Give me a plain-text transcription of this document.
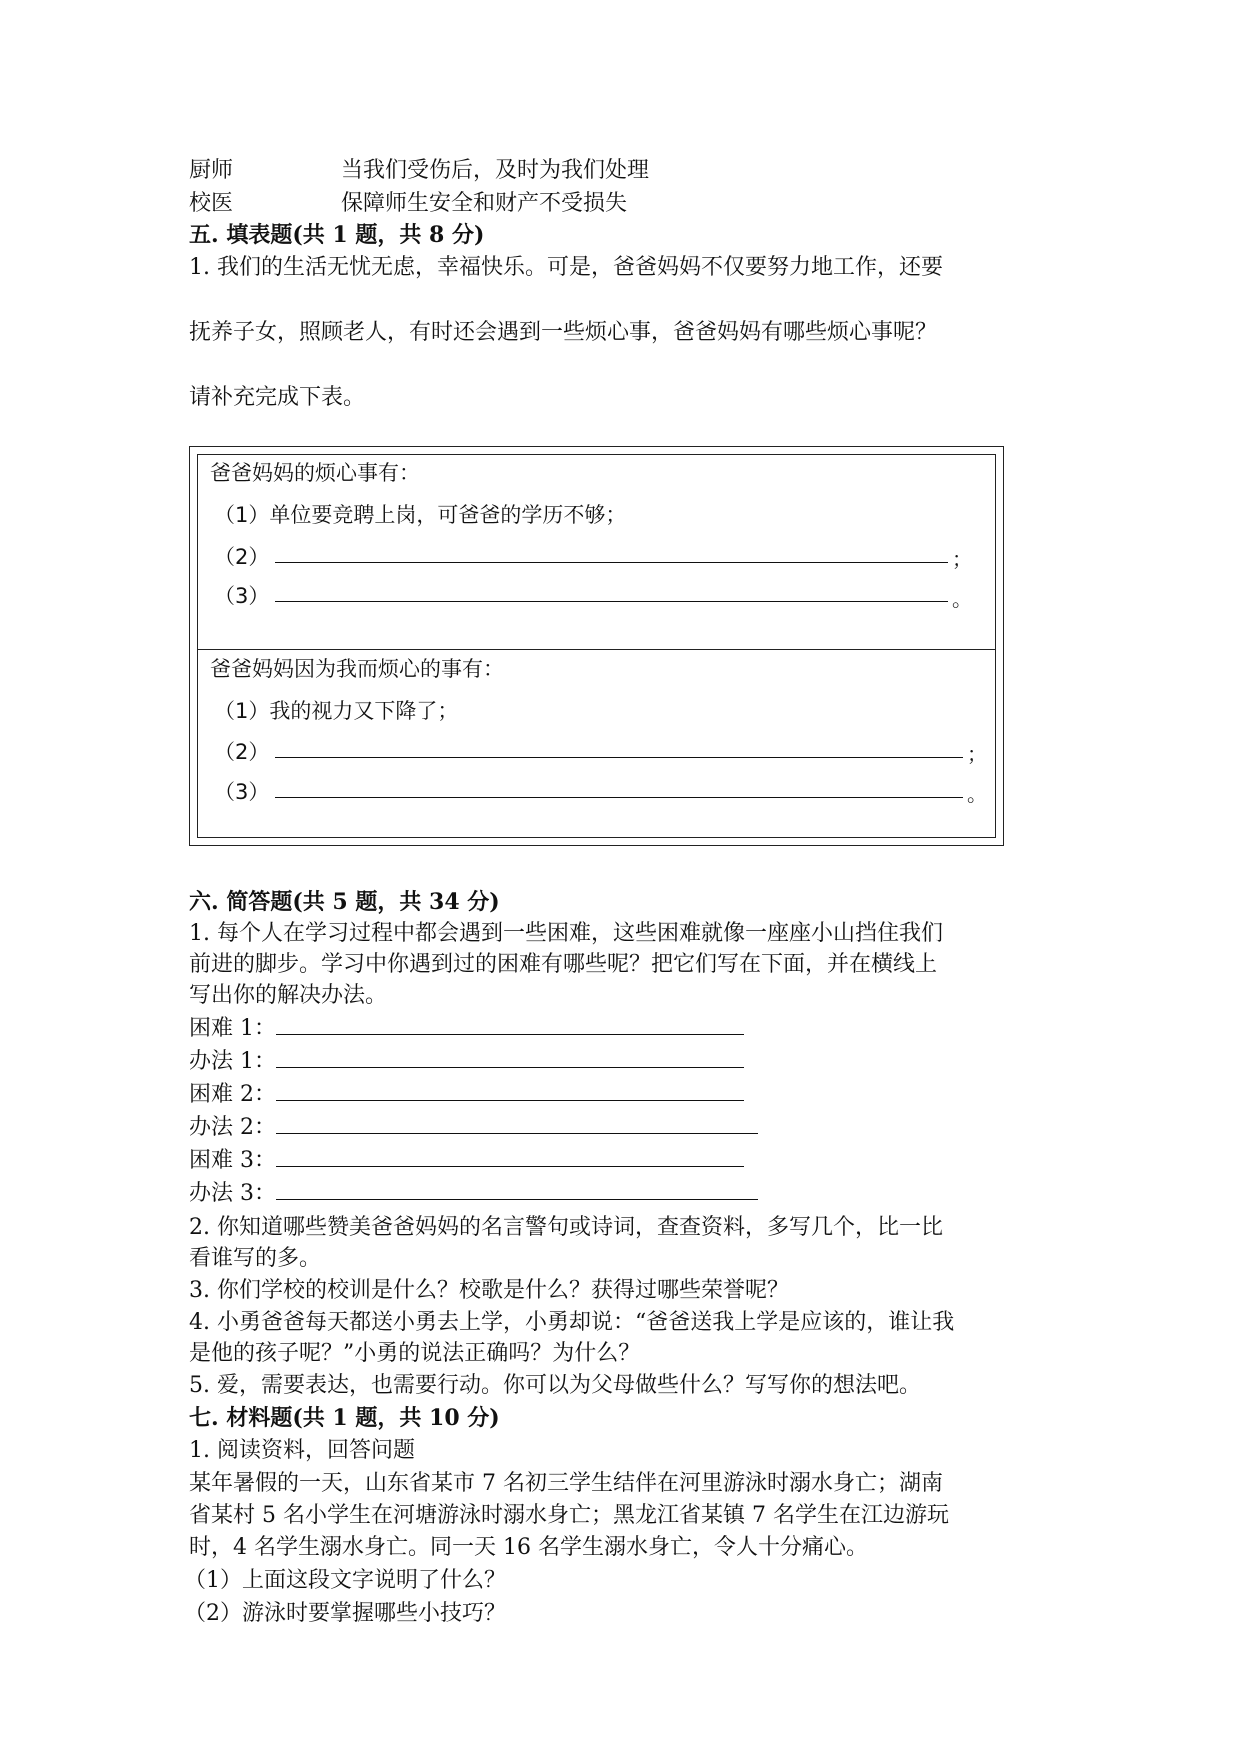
厨师	当我们受伤后，及时为我们处理
校医	保障师生安全和财产不受损失
五. 填表题(共 1 题，共 8 分)
1. 我们的生活无忧无虑，幸福快乐。可是，爸爸妈妈不仅要努力地工作，还要
抚养子女，照顾老人，有时还会遇到一些烦心事，爸爸妈妈有哪些烦心事呢？
请补充完成下表。
爸爸妈妈的烦心事有：
（1）单位要竞聘上岗，可爸爸的学历不够；
（2）	；
（3）	。
爸爸妈妈因为我而烦心的事有：
（1）我的视力又下降了；
（2）	；
（3）	。
六. 简答题(共 5 题，共 34 分)
1. 每个人在学习过程中都会遇到一些困难，这些困难就像一座座小山挡住我们
前进的脚步。学习中你遇到过的困难有哪些呢？把它们写在下面，并在横线上
写出你的解决办法。
困难 1：
办法 1：
困难 2：
办法 2：
困难 3：
办法 3：
2. 你知道哪些赞美爸爸妈妈的名言警句或诗词，查查资料，多写几个，比一比
看谁写的多。
3. 你们学校的校训是什么？校歌是什么？获得过哪些荣誉呢？
4. 小勇爸爸每天都送小勇去上学，小勇却说：“爸爸送我上学是应该的，谁让我
是他的孩子呢？”小勇的说法正确吗？为什么？
5. 爱，需要表达，也需要行动。你可以为父母做些什么？写写你的想法吧。
七. 材料题(共 1 题，共 10 分)
1. 阅读资料，回答问题
某年暑假的一天，山东省某市 7 名初三学生结伴在河里游泳时溺水身亡；湖南
省某村 5 名小学生在河塘游泳时溺水身亡；黑龙江省某镇 7 名学生在江边游玩
时，4 名学生溺水身亡。同一天 16 名学生溺水身亡，令人十分痛心。
（1）上面这段文字说明了什么？
（2）游泳时要掌握哪些小技巧？
